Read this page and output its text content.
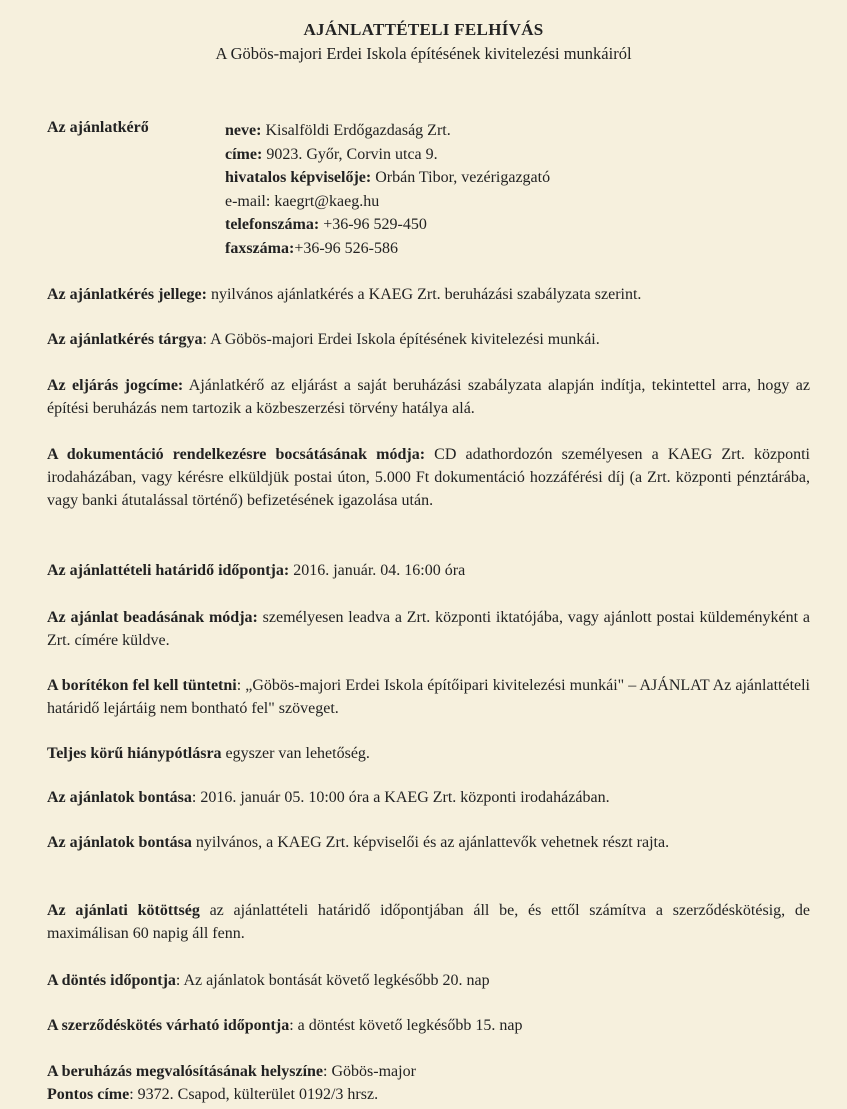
AJÁNLATTÉTELI FELHÍVÁS
A Göbös-majori Erdei Iskola építésének kivitelezési munkáiról
Az ajánlatkérő	neve: Kisalföldi Erdőgazdaság Zrt.
címe: 9023. Győr, Corvin utca 9.
hivatalos képviselője: Orbán Tibor, vezérigazgató
e-mail: kaegrt@kaeg.hu
telefonszáma: +36-96 529-450
faxszáma:+36-96 526-586
Az ajánlatkérés jellege: nyilvános ajánlatkérés a KAEG Zrt. beruházási szabályzata szerint.
Az ajánlatkérés tárgya: A Göbös-majori Erdei Iskola építésének kivitelezési munkái.
Az eljárás jogcíme: Ajánlatkérő az eljárást a saját beruházási szabályzata alapján indítja, tekintettel arra, hogy az építési beruházás nem tartozik a közbeszerzési törvény hatálya alá.
A dokumentáció rendelkezésre bocsátásának módja: CD adathordozón személyesen a KAEG Zrt. központi irodaházában, vagy kérésre elküldjük postai úton, 5.000 Ft dokumentáció hozzáférési díj (a Zrt. központi pénztárába, vagy banki átutalással történő) befizetésének igazolása után.
Az ajánlattételi határidő időpontja: 2016. január. 04. 16:00 óra
Az ajánlat beadásának módja: személyesen leadva a Zrt. központi iktatójába, vagy ajánlott postai küldeményként a Zrt. címére küldve.
A borítékon fel kell tüntetni: „Göbös-majori Erdei Iskola építőipari kivitelezési munkái" – AJÁNLAT Az ajánlattételi határidő lejártáig nem bontható fel" szöveget.
Teljes körű hiánypótlásra egyszer van lehetőség.
Az ajánlatok bontása: 2016. január 05. 10:00 óra a KAEG Zrt. központi irodaházában.
Az ajánlatok bontása nyilvános, a KAEG Zrt. képviselői és az ajánlattevők vehetnek részt rajta.
Az ajánlati kötöttség az ajánlattételi határidő időpontjában áll be, és ettől számítva a szerződéskötésig, de maximálisan 60 napig áll fenn.
A döntés időpontja: Az ajánlatok bontását követő legkésőbb 20. nap
A szerződéskötés várható időpontja: a döntést követő legkésőbb 15. nap
A beruházás megvalósításának helyszíne: Göbös-major
Pontos címe: 9372. Csapod, külterület 0192/3 hrsz.
